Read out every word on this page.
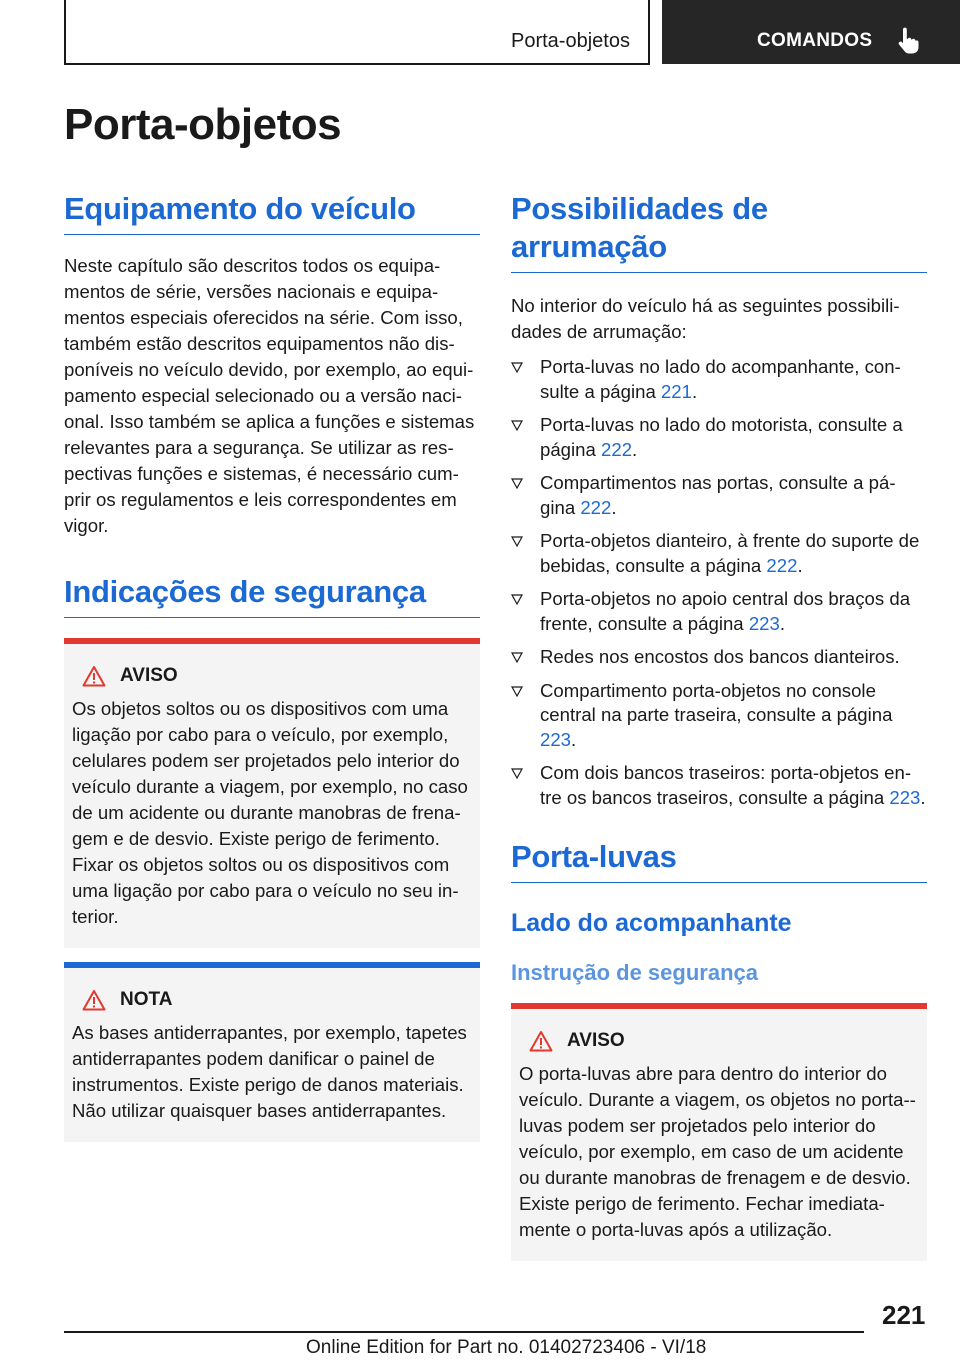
Porta-objetos	COMANDOS
Porta-objetos
Equipamento do veículo

Neste capítulo são descritos todos os equipa-mentos de série, versões nacionais e equipa-mentos especiais oferecidos na série. Com isso, também estão descritos equipamentos não dis-poníveis no veículo devido, por exemplo, ao equi-pamento especial selecionado ou a versão naci-onal. Isso também se aplica a funções e sistemas relevantes para a segurança. Se utilizar as res-pectivas funções e sistemas, é necessário cum-prir os regulamentos e leis correspondentes em vigor.

Indicações de segurança
AVISO

Os objetos soltos ou os dispositivos com uma ligação por cabo para o veículo, por exemplo, celulares podem ser projetados pelo interior do veículo durante a viagem, por exemplo, no caso de um acidente ou durante manobras de frena-gem e de desvio. Existe perigo de ferimento. Fixar os objetos soltos ou os dispositivos com uma ligação por cabo para o veículo no seu in-terior.

NOTA

As bases antiderrapantes, por exemplo, tapetes antiderrapantes podem danificar o painel de instrumentos. Existe perigo de danos materiais. Não utilizar quaisquer bases antiderrapantes.

Possibilidades de arrumação

No interior do veículo há as seguintes possibili-dades de arrumação:

Porta-luvas no lado do acompanhante, con-sulte a página 221.
Porta-luvas no lado do motorista, consulte a página 222.
Compartimentos nas portas, consulte a pá-gina 222.
Porta-objetos dianteiro, à frente do suporte de bebidas, consulte a página 222.
Porta-objetos no apoio central dos braços da frente, consulte a página 223.
Redes nos encostos dos bancos dianteiros.
Compartimento porta-objetos no console central na parte traseira, consulte a página 223.
Com dois bancos traseiros: porta-objetos en-tre os bancos traseiros, consulte a página 223.
Porta-luvas
Lado do acompanhante
Instrução de segurança
AVISO

O porta-luvas abre para dentro do interior do veículo. Durante a viagem, os objetos no porta--luvas podem ser projetados pelo interior do veículo, por exemplo, em caso de um acidente ou durante manobras de frenagem e de desvio. Existe perigo de ferimento. Fechar imediata-mente o porta-luvas após a utilização.

221
Online Edition for Part no. 01402723406 - VI/18
